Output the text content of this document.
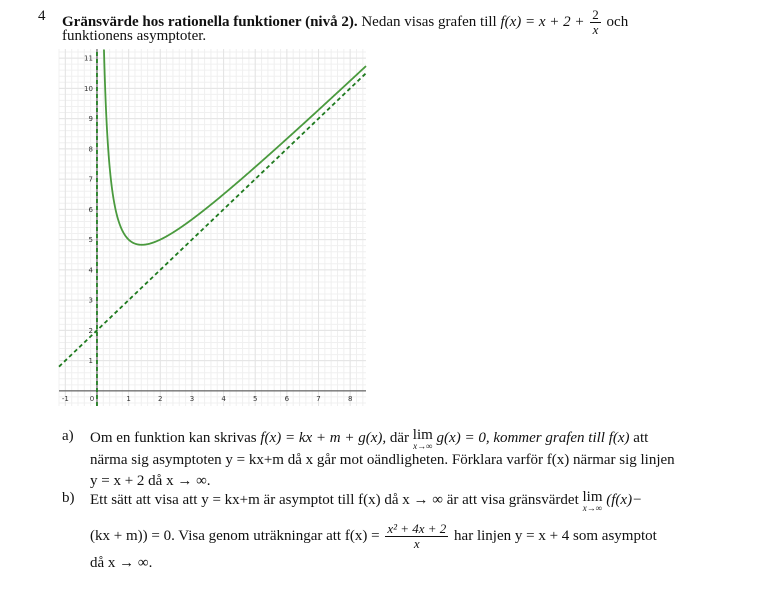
4 Gränsvärde hos rationella funktioner (nivå 2). Nedan visas grafen till $f(x) = x + 2 + \frac{2}{x}$ och
funktionens asymptoter.
-1	0	1	2	3	4	5	6	7	8
1
2
3
4
5
6
7
8
9
10
11
a) Om en funktion kan skrivas f(x) = kx + m + g(x), där lim
x→∞ g(x) = 0, kommer grafen till f(x) att
närma sig asymptoten y = kx+m då x går mot oändligheten. Förklara varför f(x) närmar sig linjen
y = x + 2 då x → ∞.
b) Ett sätt att visa att y = kx+m är asymptot till f(x) då x → ∞ är att visa gränsvärdet lim
x→∞ (f(x)−
(kx + m)) = 0. Visa genom uträkningar att $f(x) = \frac{\text{x² + 4x + 2}}{x}$ har linjen y = x + 4 som asymptot
då x → ∞.
